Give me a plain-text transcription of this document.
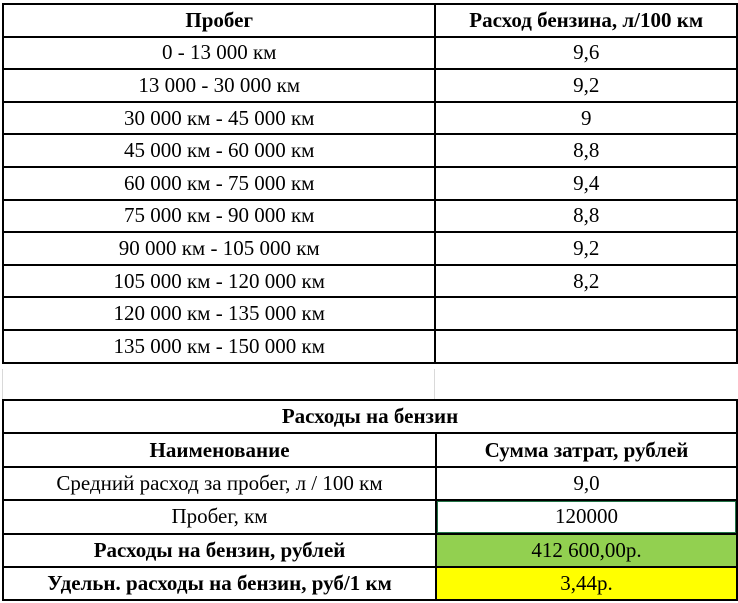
Пробег	Расход бензина, л/100 км
0 - 13 000 км	9,6
13 000 - 30 000 км	9,2
30 000 км - 45 000 км	9
45 000 км - 60 000 км	8,8
60 000 км - 75 000 км	9,4
75 000 км - 90 000 км	8,8
90 000 км - 105 000 км	9,2
105 000 км - 120 000 км	8,2
120 000 км - 135 000 км	
135 000 км - 150 000 км	
Расходы на бензин	
Наименование	Сумма затрат, рублей
Средний расход за пробег, л / 100 км	9,0
Пробег, км	120000
Расходы на бензин, рублей	412 600,00р.
Удельн. расходы на бензин, руб/1 км	3,44р.
